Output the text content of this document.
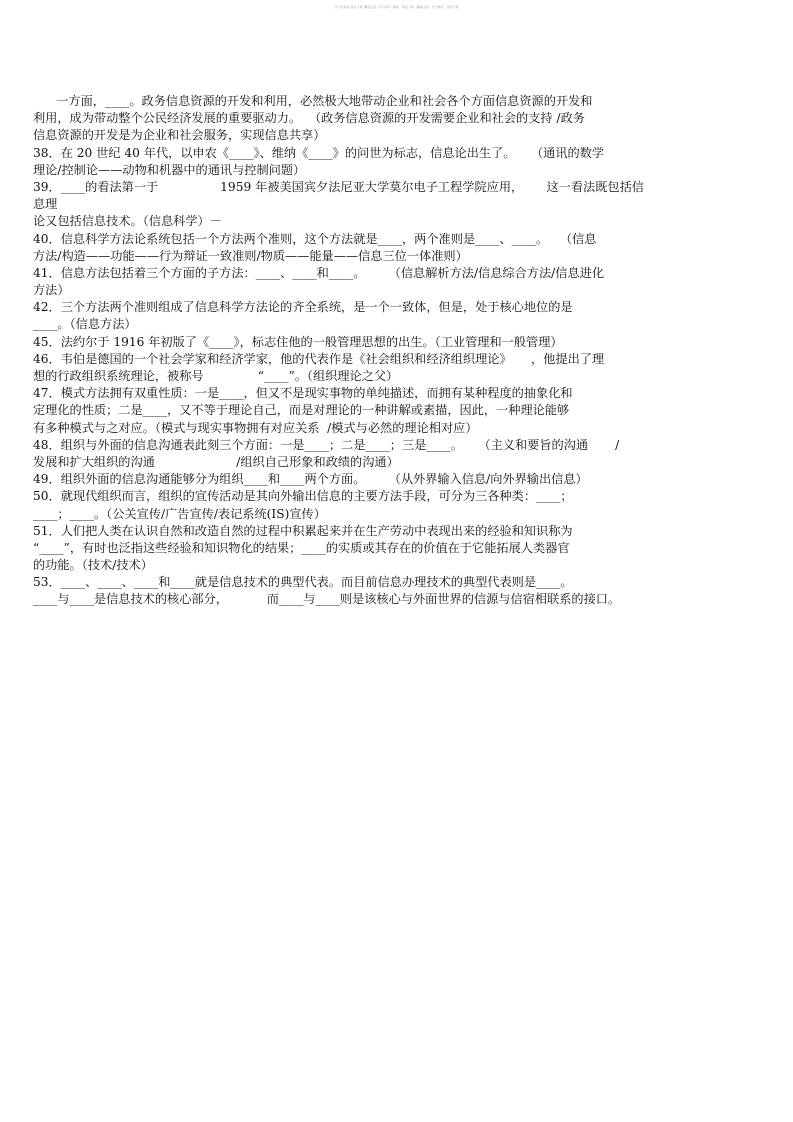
学习好资料 欢迎下载 ·精品文档· 学习资料 · 精品 · 欢迎下载 · 精品文档 · 学习资料 · 欢迎下载
一方面，____。政务信息资源的开发和利用，必然极大地带动企业和社会各个方面信息资源的开发和
利用，成为带动整个公民经济发展的重要驱动力。  （政务信息资源的开发需要企业和社会的支持 /政务
信息资源的开发是为企业和社会服务，实现信息共享）
38．在 20 世纪 40 年代，以申农《____》、维纳《____》的问世为标志，信息论出生了。    （通讯的数学
理论/控制论——动物和机器中的通讯与控制问题）
39．____的看法第一于                1959 年被美国宾夕法尼亚大学莫尔电子工程学院应用，      这一看法既包括信
息理
论又包括信息技术。（信息科学）－
40．信息科学方法论系统包括一个方法两个准则，这个方法就是____，两个准则是____、____。   （信息
方法/构造——功能——行为辩证一致准则/物质——能量——信息三位一体准则）
41．信息方法包括着三个方面的子方法：____、____和____。      （信息解析方法/信息综合方法/信息进化
方法）
42．三个方法两个准则组成了信息科学方法论的齐全系统，是一个一致体，但是，处于核心地位的是
____。（信息方法）
45．法约尔于 1916 年初版了《____》，标志住他的一般管理思想的出生。（工业管理和一般管理）
46．韦伯是德国的一个社会学家和经济学家，他的代表作是《社会组织和经济组织理论》     ，他提出了理
想的行政组织系统理论，被称号              “____”。（组织理论之父）
47．模式方法拥有双重性质：一是____，但又不是现实事物的单纯描述，而拥有某种程度的抽象化和
定理化的性质；二是____，又不等于理论自己，而是对理论的一种讲解或素描，因此，一种理论能够
有多种模式与之对应。（模式与现实事物拥有对应关系  /模式与必然的理论相对应）
48．组织与外面的信息沟通表此刻三个方面：一是____；二是____；三是____。    （主义和要旨的沟通       /
发展和扩大组织的沟通                     /组织自己形象和政绩的沟通）
49．组织外面的信息沟通能够分为组织____和____两个方面。      （从外界输入信息/向外界输出信息）
50．就现代组织而言，组织的宣传活动是其向外输出信息的主要方法手段，可分为三各种类：____；
____；____。（公关宣传/广告宣传/表记系统(IS)宣传）
51．人们把人类在认识自然和改造自然的过程中积累起来并在生产劳动中表现出来的经验和知识称为
“____”，有时也泛指这些经验和知识物化的结果；____的实质或其存在的价值在于它能拓展人类器官
的功能。（技术/技术）
53．____、____、____和____就是信息技术的典型代表。而目前信息办理技术的典型代表则是____。
____与____是信息技术的核心部分，          而____与____则是该核心与外面世界的信源与信宿相联系的接口。
